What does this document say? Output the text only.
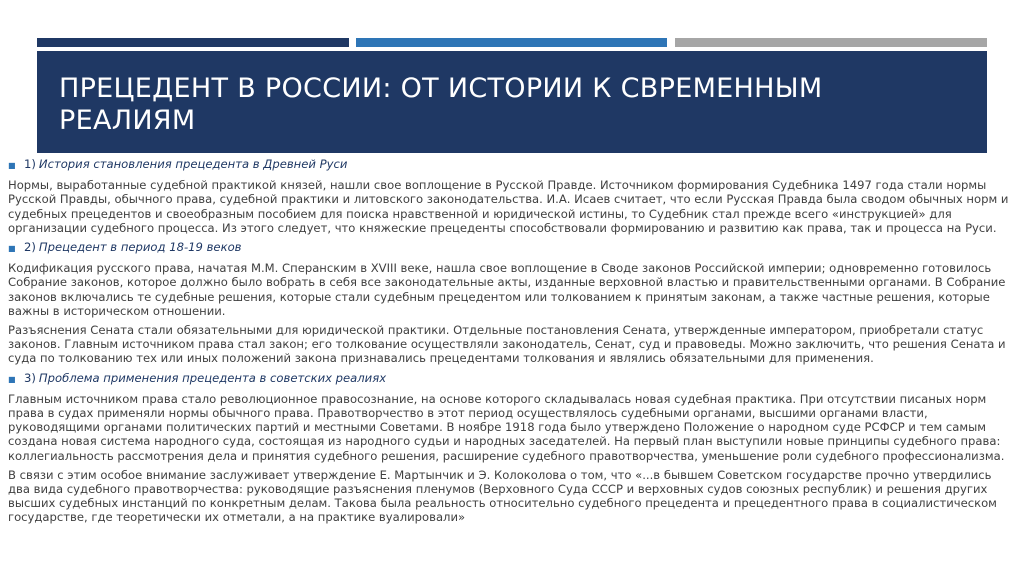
ПРЕЦЕДЕНТ В РОССИИ: ОТ ИСТОРИИ К СВРЕМЕННЫМ РЕАЛИЯМ
■ 1) История становления прецедента в Древней Руси

Нормы, выработанные судебной практикой князей, нашли свое воплощение в Русской Правде. Источником формирования Судебника 1497 года стали нормы Русской Правды, обычного права, судебной практики и литовского законодательства. И.А. Исаев считает, что если Русская Правда была сводом обычных норм и судебных прецедентов и своеобразным пособием для поиска нравственной и юридической истины, то Судебник стал прежде всего «инструкцией» для организации судебного процесса. Из этого следует, что княжеские прецеденты способствовали формированию и развитию как права, так и процесса на Руси.

■ 2) Прецедент в период 18-19 веков

Кодификация русского права, начатая М.М. Сперанским в XVIII веке, нашла свое воплощение в Своде законов Российской империи; одновременно готовилось Собрание законов, которое должно было вобрать в себя все законодательные акты, изданные верховной властью и правительственными органами. В Собрание законов включались те судебные решения, которые стали судебным прецедентом или толкованием к принятым законам, а также частные решения, которые важны в историческом отношении.

Разъяснения Сената стали обязательными для юридической практики. Отдельные постановления Сената, утвержденные императором, приобретали статус законов. Главным источником права стал закон; его толкование осуществляли законодатель, Сенат, суд и правоведы. Можно заключить, что решения Сената и суда по толкованию тех или иных положений закона признавались прецедентами толкования и являлись обязательными для применения.

■ 3) Проблема применения прецедента в советских реалиях

Главным источником права стало революционное правосознание, на основе которого складывалась новая судебная практика. При отсутствии писаных норм права в судах применяли нормы обычного права. Правотворчество в этот период осуществлялось судебными органами, высшими органами власти, руководящими органами политических партий и местными Советами. В ноябре 1918 года было утверждено Положение о народном суде РСФСР и тем самым создана новая система народного суда, состоящая из народного судьи и народных заседателей. На первый план выступили новые принципы судебного права: коллегиальность рассмотрения дела и принятия судебного решения, расширение судебного правотворчества, уменьшение роли судебного профессионализма.

В связи с этим особое внимание заслуживает утверждение Е. Мартынчик и Э. Колоколова о том, что «...в бывшем Советском государстве прочно утвердились два вида судебного правотворчества: руководящие разъяснения пленумов (Верховного Суда СССР и верховных судов союзных республик) и решения других высших судебных инстанций по конкретным делам. Такова была реальность относительно судебного прецедента и прецедентного права в социалистическом государстве, где теоретически их отметали, а на практике вуалировали»
